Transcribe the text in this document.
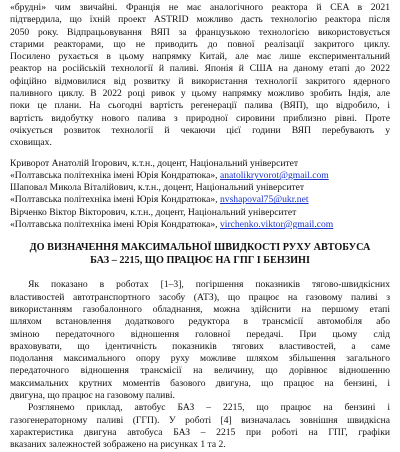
«брудні» чим звичайні. Франція не має аналогічного реактора й CEA в 2021

підтвердила, що їхній проект ASTRID можливо дасть технологію реактора після

2050 року. Відпрацьовування ВЯП за французькою технологією використовується

старими реакторами, що не приводить до повної реалізації закритого циклу.

Посилено рухається в цьому напрямку Китай, але має лише експериментальний

реактор на російській технології й паливі. Японія й США на даному етапі до 2022

офіційно відмовилися від розвитку й використання технології закритого ядерного

паливного циклу. В 2022 році ривок у цьому напрямку можливо зробить Індія, але

поки це плани. На сьогодні вартість регенерації палива (ВЯП), що відробило, і

вартість видобутку нового палива з природної сировини приблизно рівні. Проте

очікується розвиток технології й чекаючи цієї години ВЯП перебувають у

сховищах.

Криворот Анатолій Ігорович, к.т.н., доцент, Національний університет

«Полтавська політехніка імені Юрія Кондратюка», anatolikryvorot@gmail.com

Шаповал Микола Віталійович, к.т.н., доцент, Національний університет

«Полтавська політехніка імені Юрія Кондратюка», nvshapoval75@ukr.net

Вірченко Віктор Вікторович, к.т.н., доцент, Національний університет

«Полтавська політехніка імені Юрія Кондратюка», virchenko.viktor@gmail.com

ДО ВИЗНАЧЕННЯ МАКСИМАЛЬНОЇ ШВИДКОСТІ РУХУ АВТОБУСА
БАЗ – 2215, ЩО ПРАЦЮЄ НА ГПГ І БЕНЗИНІ

Як показано в роботах [1–3], погіршення показників тягово-швидкісних

властивостей автотранспортного засобу (АТЗ), що працює на газовому паливі з

використанням газобалонного обладнання, можна здійснити на першому етапі

шляхом встановлення додаткового редуктора в трансмісії автомобіля або

зміною передаточного відношення головної передачі. При цьому слід

враховувати, що ідентичність показників тягових властивостей, а саме

подолання максимального опору руху можливе шляхом збільшення загального

передаточного відношення трансмісії на величину, що дорівнює відношенню

максимальних крутних моментів базового двигуна, що працює на бензині, і

двигуна, що працює на газовому паливі.

Розглянемо приклад, автобус БАЗ – 2215, що працює на бензині і

газогенераторному паливі (ГГП). У роботі [4] визначалась зовнішня швидкісна

характеристика двигуна автобуса БАЗ – 2215 при роботі на ГПГ, графіки

вказаних залежностей зображено на рисунках 1 та 2.
